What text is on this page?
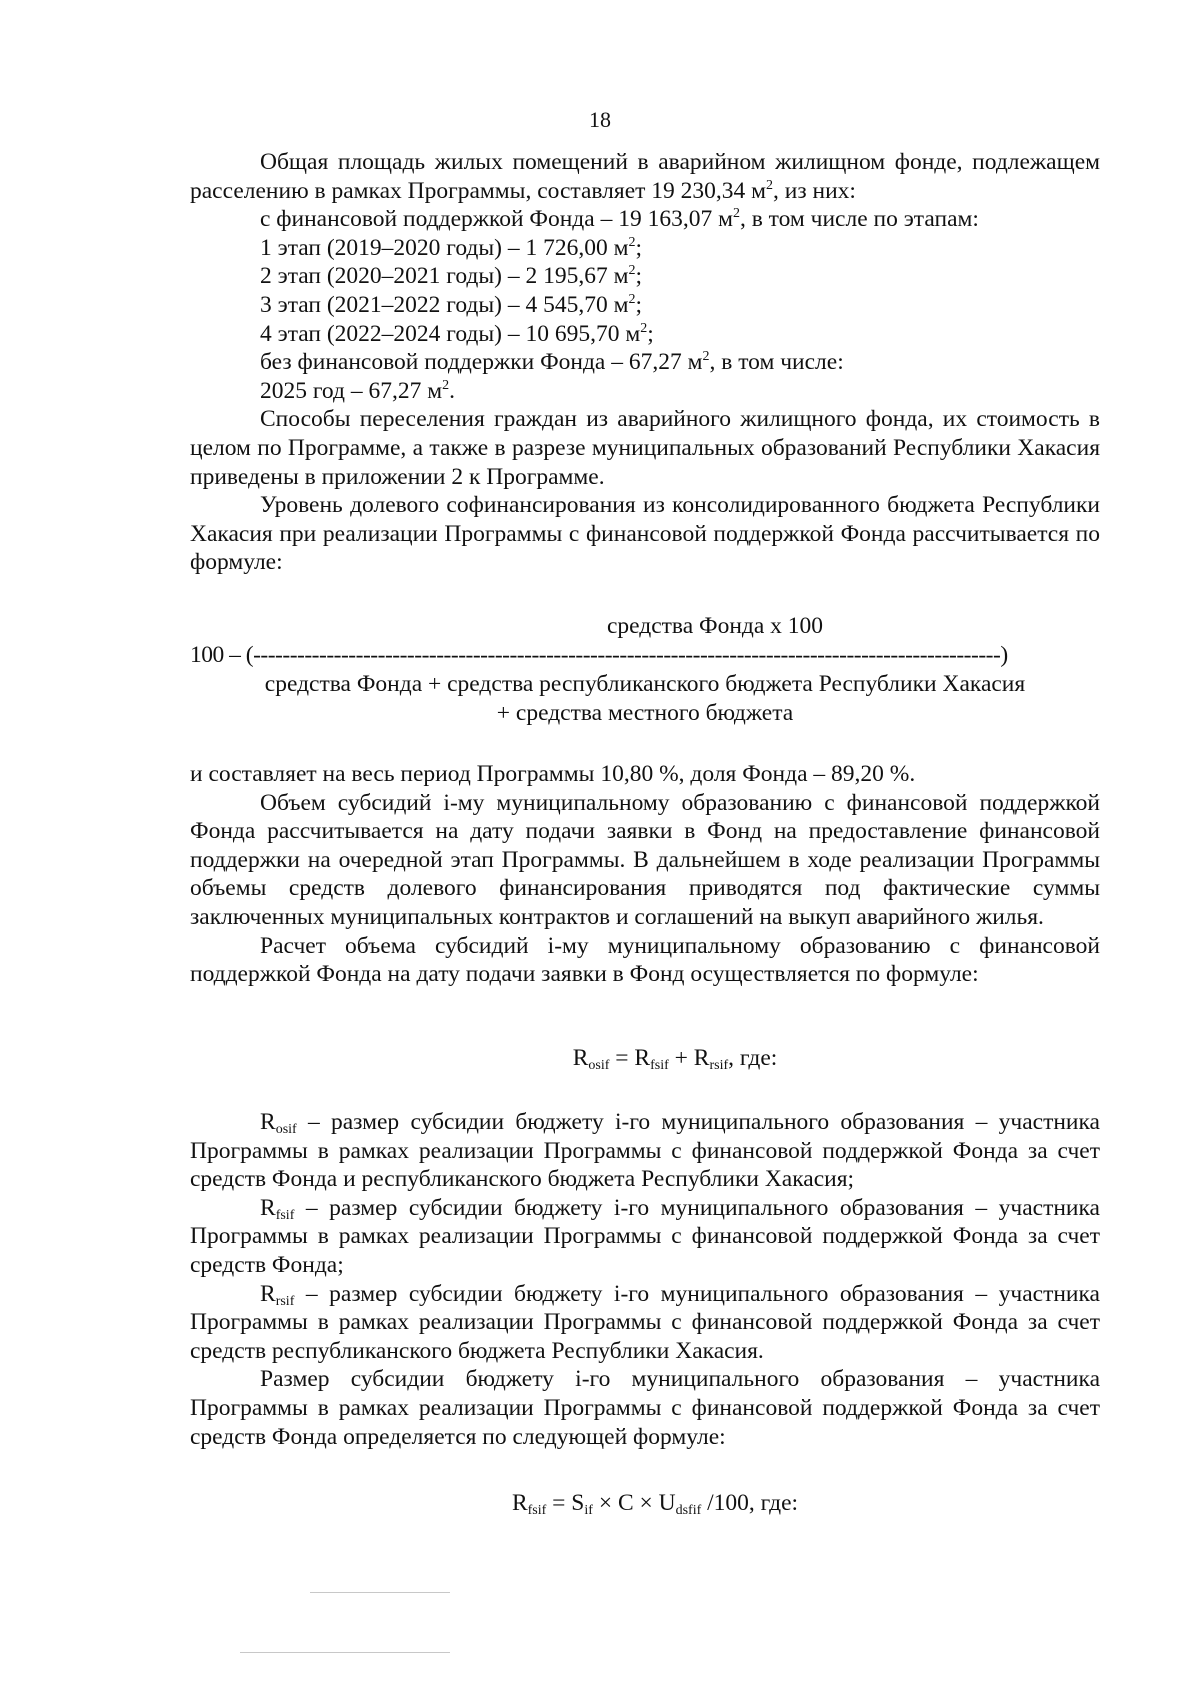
18

Общая площадь жилых помещений в аварийном жилищном фонде, подлежащем расселению в рамках Программы, составляет 19 230,34 $м^2$, из них:

с финансовой поддержкой Фонда – 19 163,07 $м^2$, в том числе по этапам:

1 этап (2019–2020 годы) – 1 726,00 $м^2$;

2 этап (2020–2021 годы) – 2 195,67 $м^2$;

3 этап (2021–2022 годы) – 4 545,70 $м^2$;

4 этап (2022–2024 годы) – 10 695,70 $м^2$;

без финансовой поддержки Фонда – 67,27 $м^2$, в том числе:

2025 год – 67,27 $м^2$.

Способы переселения граждан из аварийного жилищного фонда, их стоимость в целом по Программе, а также в разрезе муниципальных образований Республики Хакасия приведены в приложении 2 к Программе.

Уровень долевого софинансирования из консолидированного бюджета Республики Хакасия при реализации Программы с финансовой поддержкой Фонда рассчитывается по формуле:

средства Фонда х 100
100 – (------------------------------------------------------------------------------------------------------)
средства Фонда + средства республиканского бюджета Республики Хакасия
+ средства местного бюджета

и составляет на весь период Программы 10,80 %, доля Фонда – 89,20 %.

Объем субсидий i-му муниципальному образованию с финансовой поддержкой Фонда рассчитывается на дату подачи заявки в Фонд на предоставление финансовой поддержки на очередной этап Программы. В дальнейшем в ходе реализации Программы объемы средств долевого финансирования приводятся под фактические суммы заключенных муниципальных контрактов и соглашений на выкуп аварийного жилья.

Расчет объема субсидий i-му муниципальному образованию с финансовой поддержкой Фонда на дату подачи заявки в Фонд осуществляется по формуле:

$R_{osif} = R_{fsif} + R_{rsif}$, где:

$R_{osif}$ – размер субсидии бюджету i-го муниципального образования – участника Программы в рамках реализации Программы с финансовой поддержкой Фонда за счет средств Фонда и республиканского бюджета Республики Хакасия;

$R_{fsif}$ – размер субсидии бюджету i-го муниципального образования – участника Программы в рамках реализации Программы с финансовой поддержкой Фонда за счет средств Фонда;

$R_{rsif}$ – размер субсидии бюджету i-го муниципального образования – участника Программы в рамках реализации Программы с финансовой поддержкой Фонда за счет средств республиканского бюджета Республики Хакасия.

Размер субсидии бюджету i-го муниципального образования – участника Программы в рамках реализации Программы с финансовой поддержкой Фонда за счет средств Фонда определяется по следующей формуле:

$R_{fsif} = S_{if} \times C \times U_{dsfif}$ /100, где:
